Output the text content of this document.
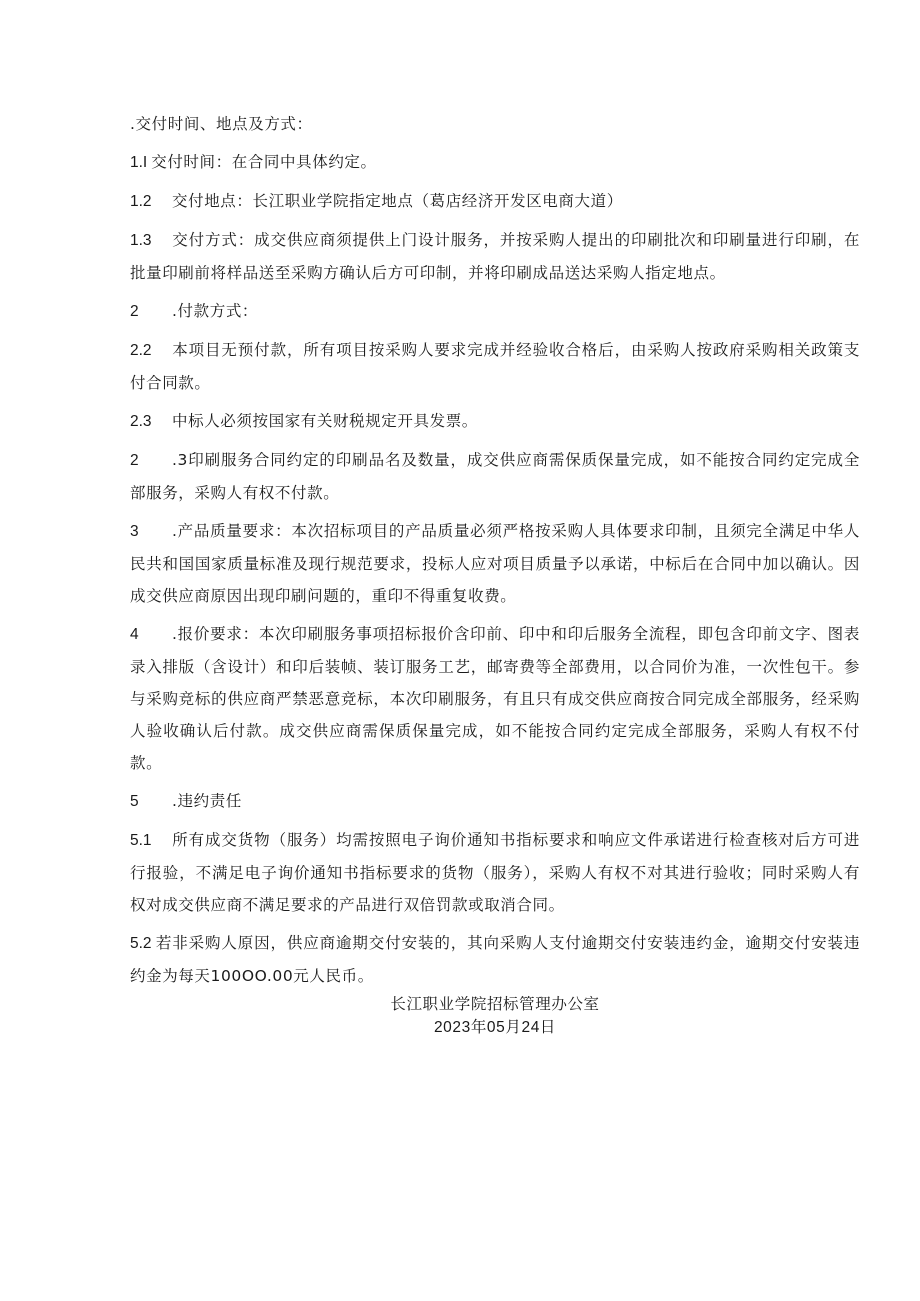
.交付时间、地点及方式：

1.I 交付时间：在合同中具体约定。

1.2 交付地点：长江职业学院指定地点（葛店经济开发区电商大道）

1.3 交付方式：成交供应商须提供上门设计服务，并按采购人提出的印刷批次和印刷量进行印刷，在批量印刷前将样品送至采购方确认后方可印制，并将印刷成品送达采购人指定地点。

2 .付款方式：

2.2 本项目无预付款，所有项目按采购人要求完成并经验收合格后，由采购人按政府采购相关政策支付合同款。

2.3 中标人必须按国家有关财税规定开具发票。

2 .3印刷服务合同约定的印刷品名及数量，成交供应商需保质保量完成，如不能按合同约定完成全部服务，采购人有权不付款。

3 .产品质量要求：本次招标项目的产品质量必须严格按采购人具体要求印制，且须完全满足中华人民共和国国家质量标准及现行规范要求，投标人应对项目质量予以承诺，中标后在合同中加以确认。因成交供应商原因出现印刷问题的，重印不得重复收费。

4 .报价要求：本次印刷服务事项招标报价含印前、印中和印后服务全流程，即包含印前文字、图表录入排版（含设计）和印后装帧、装订服务工艺，邮寄费等全部费用，以合同价为准，一次性包干。参与采购竞标的供应商严禁恶意竞标，本次印刷服务，有且只有成交供应商按合同完成全部服务，经采购人验收确认后付款。成交供应商需保质保量完成，如不能按合同约定完成全部服务，采购人有权不付款。

5 .违约责任

5.1 所有成交货物（服务）均需按照电子询价通知书指标要求和响应文件承诺进行检查核对后方可进行报验，不满足电子询价通知书指标要求的货物（服务），采购人有权不对其进行验收；同时采购人有权对成交供应商不满足要求的产品进行双倍罚款或取消合同。

5.2 若非采购人原因，供应商逾期交付安装的，其向采购人支付逾期交付安装违约金，逾期交付安装违约金为每天100OO.00元人民币。

长江职业学院招标管理办公室
2023年05月24日
